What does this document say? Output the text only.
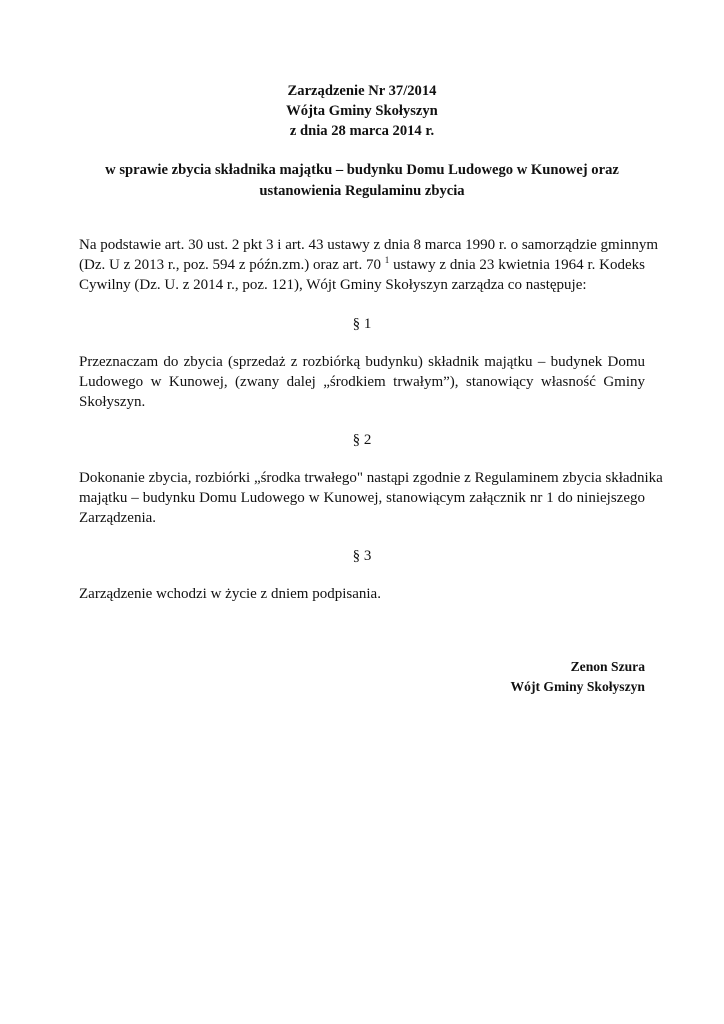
Zarządzenie Nr 37/2014
Wójta Gminy Skołyszyn
z dnia 28 marca 2014 r.
w sprawie zbycia składnika majątku – budynku Domu Ludowego w Kunowej oraz
ustanowienia Regulaminu zbycia
Na podstawie art. 30 ust. 2 pkt 3 i art. 43 ustawy z dnia 8 marca 1990 r. o samorządzie gminnym
(Dz. U z 2013 r., poz. 594 z późn.zm.) oraz art. 70 $^1$ ustawy z dnia 23 kwietnia 1964 r. Kodeks
Cywilny (Dz. U. z 2014 r., poz. 121), Wójt Gminy Skołyszyn zarządza co następuje:
§ 1
Przeznaczam do zbycia (sprzedaż z rozbiórką budynku) składnik majątku – budynek Domu
Ludowego w Kunowej, (zwany dalej „środkiem trwałym”), stanowiący własność Gminy
Skołyszyn.
§ 2
Dokonanie zbycia, rozbiórki „środka trwałego" nastąpi zgodnie z Regulaminem zbycia składnika
majątku – budynku Domu Ludowego w Kunowej, stanowiącym załącznik nr 1 do niniejszego
Zarządzenia.
§ 3
Zarządzenie wchodzi w życie z dniem podpisania.
Zenon Szura
Wójt Gminy Skołyszyn
